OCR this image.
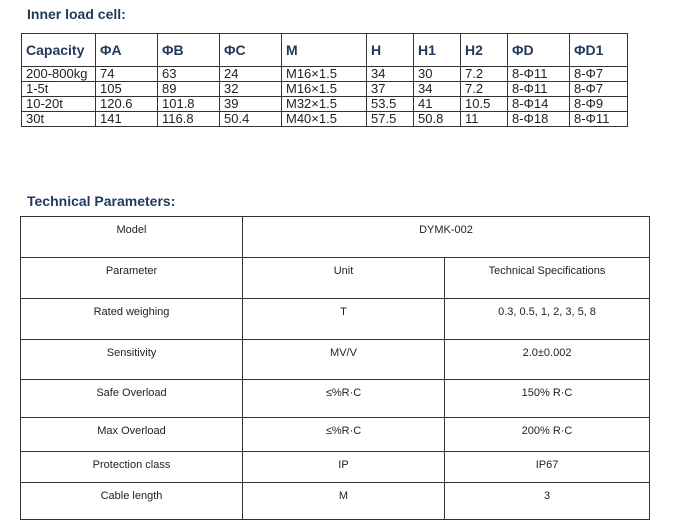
Inner load cell:
Capacity	ΦA	ΦB	ΦC	M	H	H1	H2	ΦD	ΦD1
200-800kg	74	63	24	M16×1.5	34	30	7.2	8-Φ11	8-Φ7
1-5t	105	89	32	M16×1.5	37	34	7.2	8-Φ11	8-Φ7
10-20t	120.6	101.8	39	M32×1.5	53.5	41	10.5	8-Φ14	8-Φ9
30t	141	116.8	50.4	M40×1.5	57.5	50.8	11	8-Φ18	8-Φ11
Technical Parameters:
Model	DYMK-002	
Parameter	Unit	Technical Specifications
Rated weighing	T	0.3, 0.5, 1, 2, 3, 5, 8
Sensitivity	MV/V	2.0±0.002
Safe Overload	≤%R·C	150% R·C
Max Overload	≤%R·C	200% R·C
Protection class	IP	IP67
Cable length	M	3
